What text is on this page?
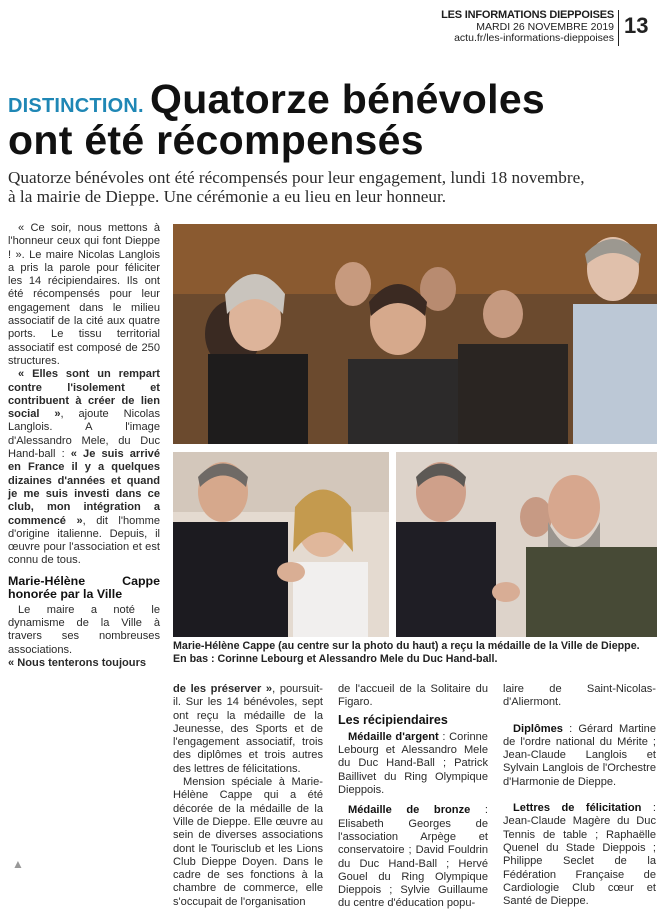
LES INFORMATIONS DIEPPOISES
MARDI 26 NOVEMBRE 2019
actu.fr/les-informations-dieppoises 13
DISTINCTION. Quatorze bénévoles
ont été récompensés
Quatorze bénévoles ont été récompensés pour leur engagement, lundi 18 novembre,
à la mairie de Dieppe. Une cérémonie a eu lieu en leur honneur.

« Ce soir, nous mettons à l'honneur ceux qui font Dieppe ! ». Le maire Nicolas Langlois a pris la parole pour féliciter les 14 récipiendaires. Ils ont été récompensés pour leur engagement dans le milieu associatif de la cité aux quatre ports. Le tissu territorial associatif est composé de 250 structures.

« Elles sont un rempart contre l'isolement et contribuent à créer de lien social », ajoute Nicolas Langlois. A l'image d'Alessandro Mele, du Duc Hand-ball : « Je suis arrivé en France il y a quelques dizaines d'années et quand je me suis investi dans ce club, mon intégration a commencé », dit l'homme d'origine italienne. Depuis, il œuvre pour l'association et est connu de tous.

Marie-Hélène Cappe honorée par la Ville

Le maire a noté le dynamisme de la Ville à travers ses nombreuses associations.

« Nous tenterons toujours

Marie-Hélène Cappe (au centre sur la photo du haut) a reçu la médaille de la Ville de Dieppe.
En bas : Corinne Lebourg et Alessandro Mele du Duc Hand-ball.

de les préserver », poursuit-il. Sur les 14 bénévoles, sept ont reçu la médaille de la Jeunesse, des Sports et de l'engagement associatif, trois des diplômes et trois autres des lettres de félicitations.

Mension spéciale à Marie-Hélène Cappe qui a été décorée de la médaille de la Ville de Dieppe. Elle œuvre au sein de diverses associations dont le Tourisclub et les Lions Club Dieppe Doyen. Dans le cadre de ses fonctions à la chambre de commerce, elle s'occupait de l'organisation

de l'accueil de la Solitaire du Figaro.

Les récipiendaires

Médaille d'argent : Corinne Lebourg et Alessandro Mele du Duc Hand-Ball ; Patrick Baillivet du Ring Olympique Dieppois.

Médaille de bronze : Elisabeth Georges de l'association Arpège et conservatoire ; David Fouldrin du Duc Hand-Ball ; Hervé Gouel du Ring Olympique Dieppois ; Sylvie Guillaume du centre d'éducation popu-

laire de Saint-Nicolas-d'Aliermont.

Diplômes : Gérard Martine de l'ordre national du Mérite ; Jean-Claude Langlois et Sylvain Langlois de l'Orchestre d'Harmonie de Dieppe.

Lettres de félicitation : Jean-Claude Magère du Duc Tennis de table ; Raphaëlle Quenel du Stade Dieppois ; Philippe Seclet de la Fédération Française de Cardiologie Club cœur et Santé de Dieppe.

▲
